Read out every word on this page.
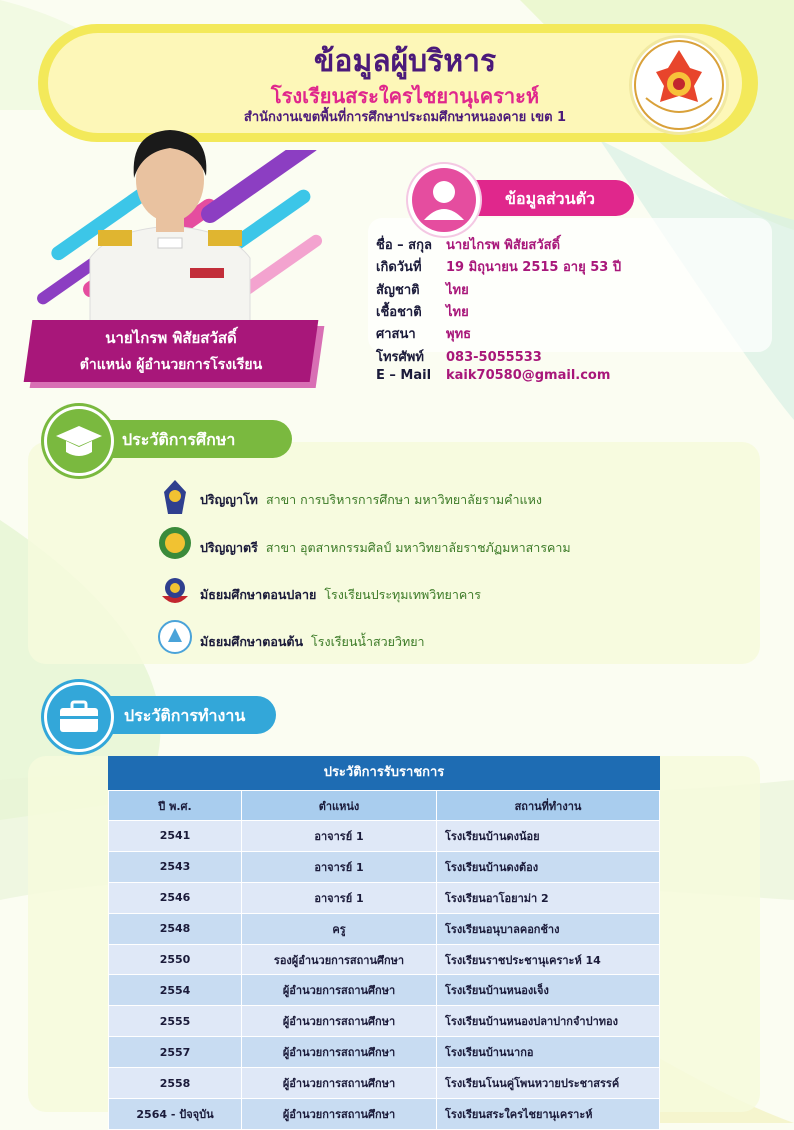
ข้อมูลผู้บริหาร
โรงเรียนสระใครไชยานุเคราะห์
สำนักงานเขตพื้นที่การศึกษาประถมศึกษาหนองคาย เขต 1
นายไกรพ พิสัยสวัสดิ์
ตำแหน่ง ผู้อำนวยการโรงเรียน
ข้อมูลส่วนตัว
ชื่อ – สกุล นายไกรพ พิสัยสวัสดิ์
เกิดวันที่ 19 มิถุนายน 2515 อายุ 53 ปี
สัญชาติ ไทย
เชื้อชาติ ไทย
ศาสนา พุทธ
โทรศัพท์ 083-5055533
E – Mail kaik70580@gmail.com
ประวัติการศึกษา
ปริญญาโท สาขา การบริหารการศึกษา มหาวิทยาลัยรามคำแหง
ปริญญาตรี สาขา อุตสาหกรรมศิลป์ มหาวิทยาลัยราชภัฏมหาสารคาม
มัธยมศึกษาตอนปลาย โรงเรียนประทุมเทพวิทยาคาร
มัธยมศึกษาตอนต้น โรงเรียนน้ำสวยวิทยา
ประวัติการทำงาน
ประวัติการรับราชการ
ปี พ.ศ.	ตำแหน่ง	สถานที่ทำงาน
2541	อาจารย์ 1	โรงเรียนบ้านดงน้อย
2543	อาจารย์ 1	โรงเรียนบ้านดงต้อง
2546	อาจารย์ 1	โรงเรียนอาโอยาม่า 2
2548	ครู	โรงเรียนอนุบาลคอกช้าง
2550	รองผู้อำนวยการสถานศึกษา	โรงเรียนราชประชานุเคราะห์ 14
2554	ผู้อำนวยการสถานศึกษา	โรงเรียนบ้านหนองเจ็ง
2555	ผู้อำนวยการสถานศึกษา	โรงเรียนบ้านหนองปลาปากจำปาทอง
2557	ผู้อำนวยการสถานศึกษา	โรงเรียนบ้านนากอ
2558	ผู้อำนวยการสถานศึกษา	โรงเรียนโนนคู่โพนหวายประชาสรรค์
2564 - ปัจจุบัน	ผู้อำนวยการสถานศึกษา	โรงเรียนสระใครไชยานุเคราะห์
